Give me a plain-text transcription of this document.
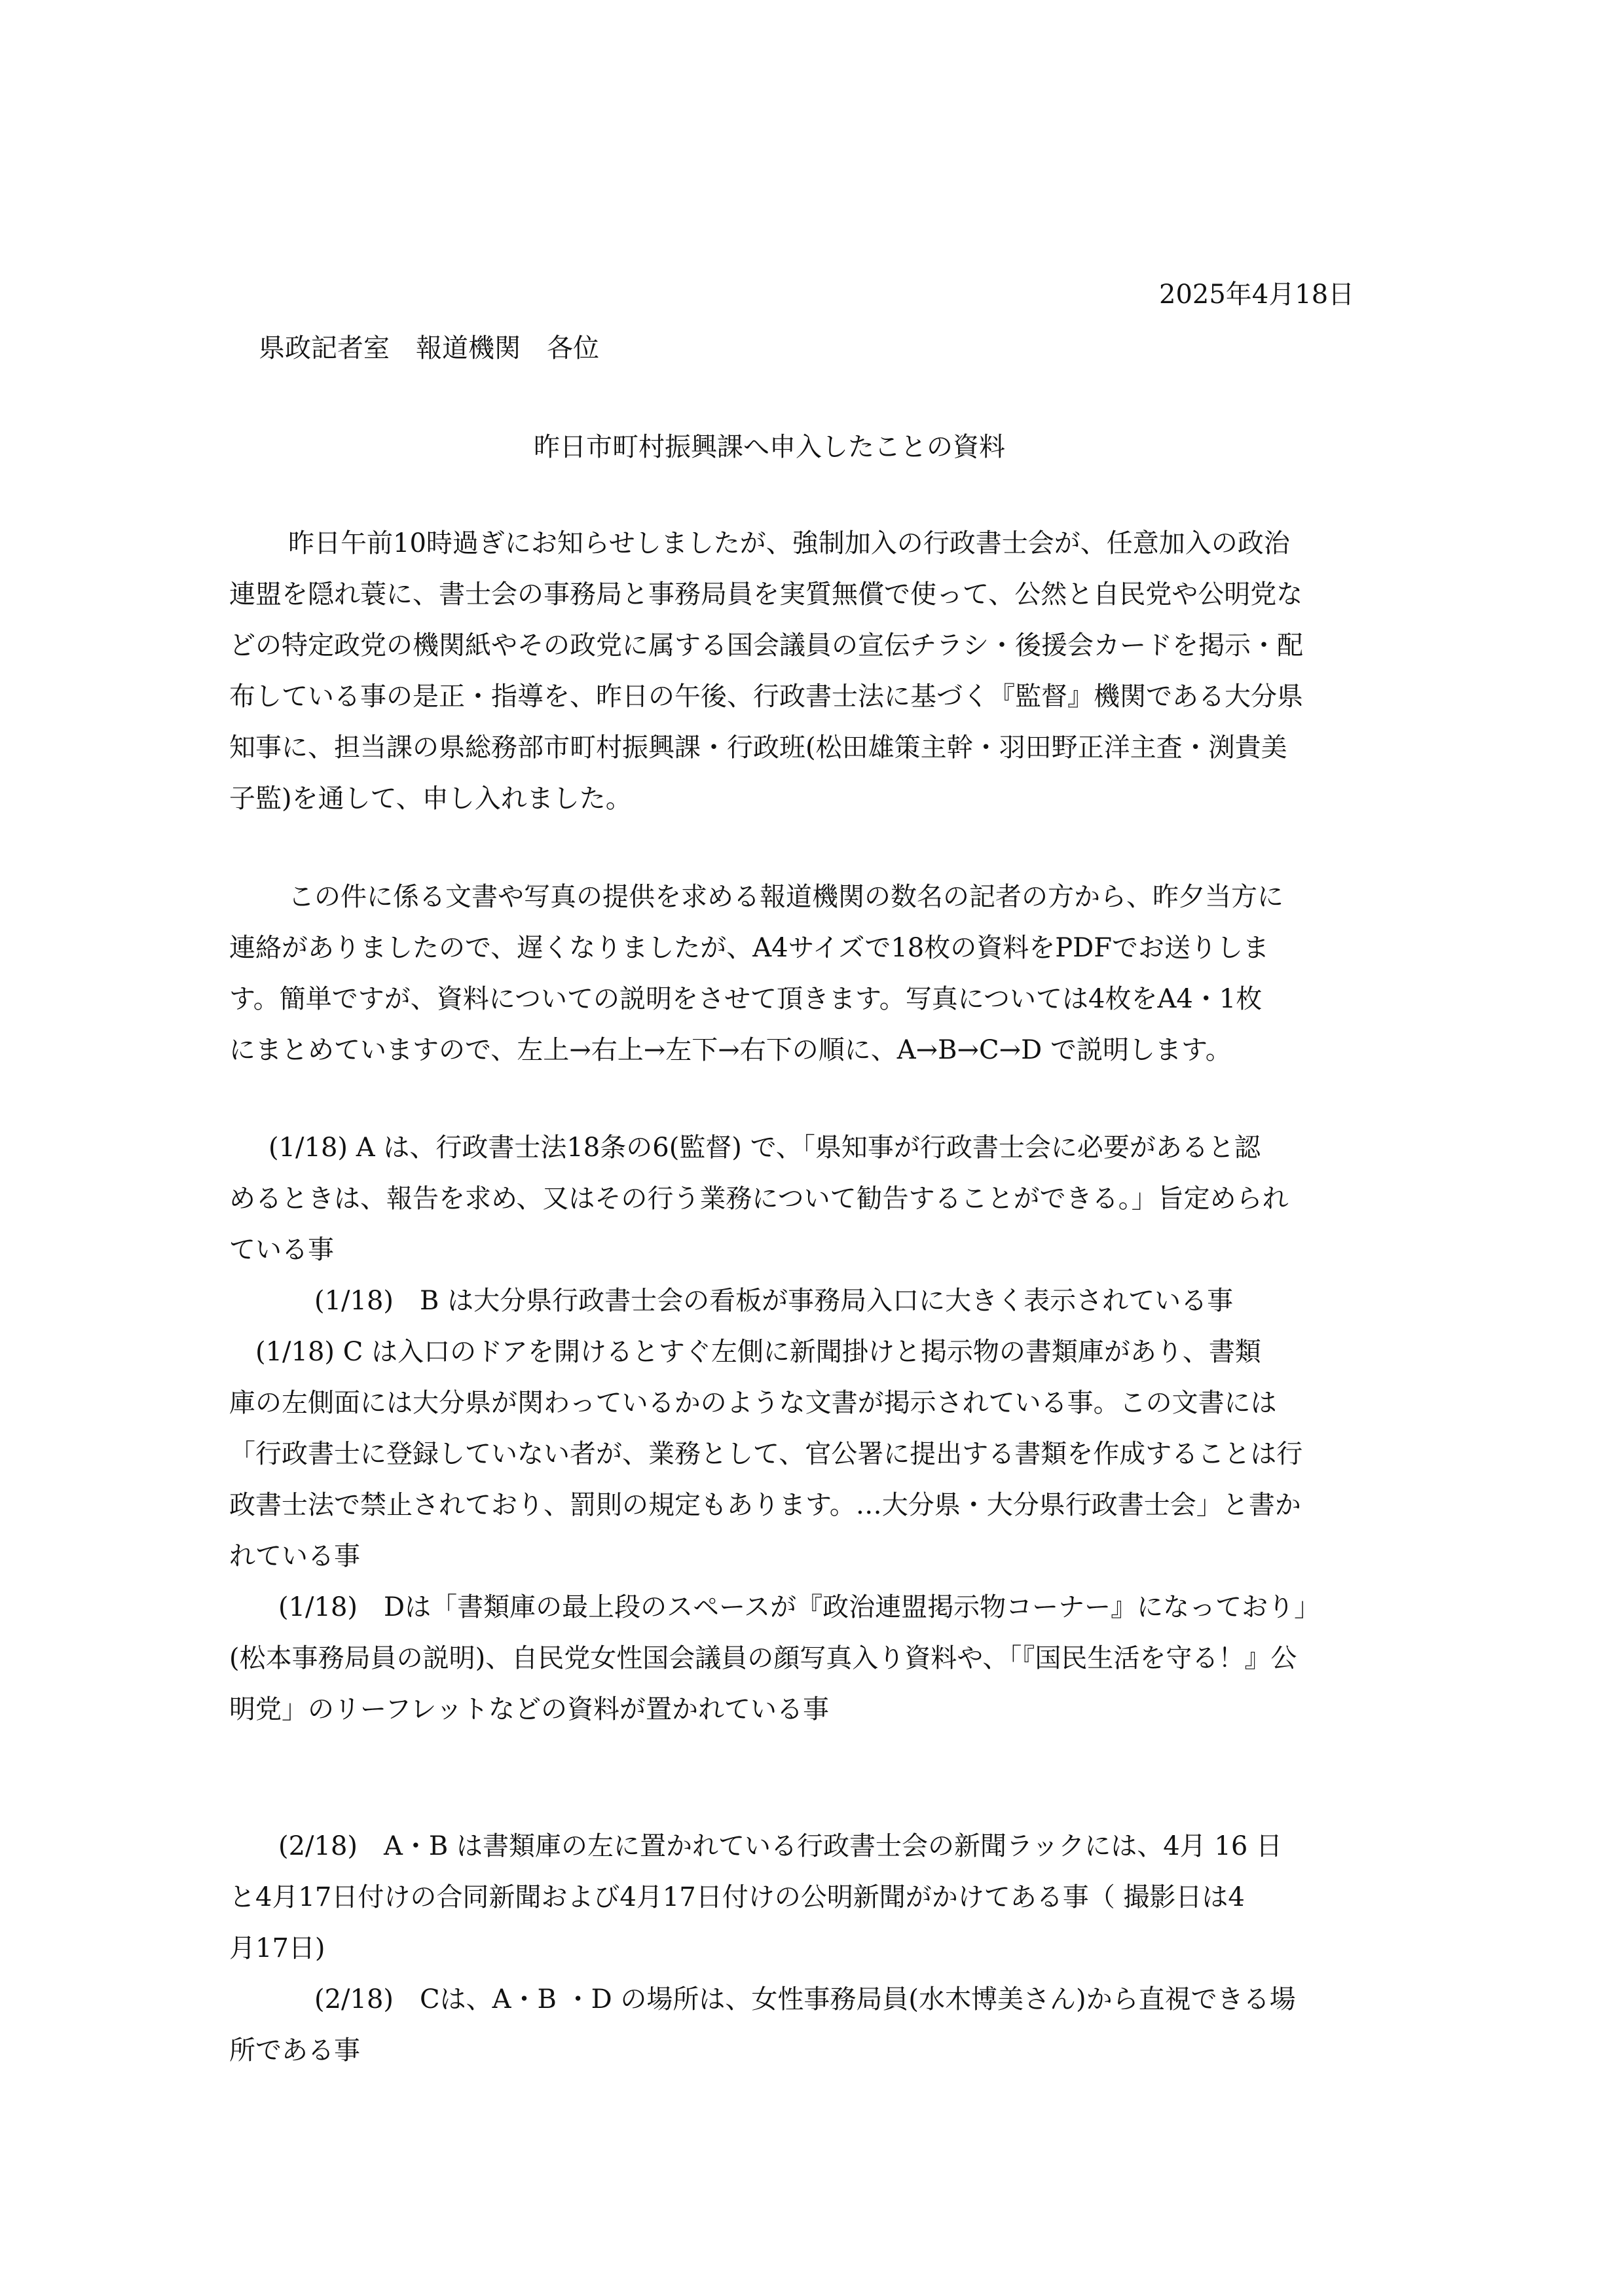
2025年4月18日
県政記者室　報道機関　各位
昨日市町村振興課へ申入したことの資料
昨日午前10時過ぎにお知らせしましたが、強制加入の行政書士会が、任意加入の政治
連盟を隠れ蓑に、書士会の事務局と事務局員を実質無償で使って、公然と自民党や公明党な
どの特定政党の機関紙やその政党に属する国会議員の宣伝チラシ・後援会カードを掲示・配
布している事の是正・指導を、昨日の午後、行政書士法に基づく『監督』機関である大分県
知事に、担当課の県総務部市町村振興課・行政班(松田雄策主幹・羽田野正洋主査・渕貴美
子監)を通して、申し入れました。
この件に係る文書や写真の提供を求める報道機関の数名の記者の方から、昨夕当方に
連絡がありましたので、遅くなりましたが、A4サイズで18枚の資料をPDFでお送りしま
す。簡単ですが、資料についての説明をさせて頂きます。写真については4枚をA4・1枚
にまとめていますので、左上→右上→左下→右下の順に、A→B→C→D で説明します。
(1/18) A は、行政書士法18条の6(監督) で、「県知事が行政書士会に必要があると認
めるときは、報告を求め、又はその行う業務について勧告することができる。」旨定められ
ている事
(1/18)　B は大分県行政書士会の看板が事務局入口に大きく表示されている事
(1/18) C は入口のドアを開けるとすぐ左側に新聞掛けと掲示物の書類庫があり、書類
庫の左側面には大分県が関わっているかのような文書が掲示されている事。この文書には
「行政書士に登録していない者が、業務として、官公署に提出する書類を作成することは行
政書士法で禁止されており、罰則の規定もあります。…大分県・大分県行政書士会」と書か
れている事
(1/18)　Dは「書類庫の最上段のスペースが『政治連盟掲示物コーナー』になっており」
(松本事務局員の説明)、自民党女性国会議員の顔写真入り資料や、「『国民生活を守る！』公
明党」のリーフレットなどの資料が置かれている事
(2/18)　A・B は書類庫の左に置かれている行政書士会の新聞ラックには、4月 16 日
と4月17日付けの合同新聞および4月17日付けの公明新聞がかけてある事（ 撮影日は4
月17日)
(2/18)　Cは、A・B ・D の場所は、女性事務局員(水木博美さん)から直視できる場
所である事
